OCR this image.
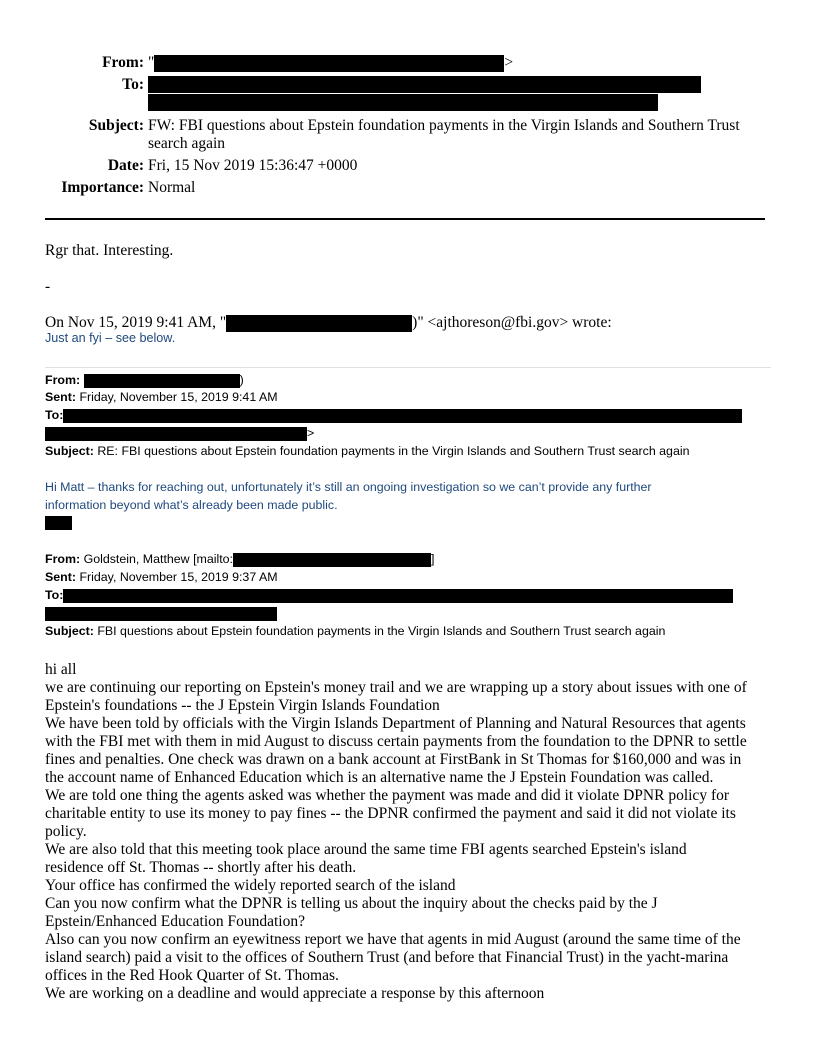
From: "	>
To:
Subject: FW: FBI questions about Epstein foundation payments in the Virgin Islands and Southern Trust
search again
Date: Fri, 15 Nov 2019 15:36:47 +0000
Importance: Normal
Rgr that. Interesting.
-
On Nov 15, 2019 9:41 AM, "	)" <ajthoreson@fbi.gov> wrote:
Just an fyi – see below.
From:	)
Sent: Friday, November 15, 2019 9:41 AM
To:
>
Subject: RE: FBI questions about Epstein foundation payments in the Virgin Islands and Southern Trust search again
Hi Matt – thanks for reaching out, unfortunately it’s still an ongoing investigation so we can’t provide any further
information beyond what’s already been made public.
From: Goldstein, Matthew [mailto:	]
Sent: Friday, November 15, 2019 9:37 AM
To:
Subject: FBI questions about Epstein foundation payments in the Virgin Islands and Southern Trust search again
hi all
we are continuing our reporting on Epstein's money trail and we are wrapping up a story about issues with one of
Epstein's foundations -- the J Epstein Virgin Islands Foundation
We have been told by officials with the Virgin Islands Department of Planning and Natural Resources that agents
with the FBI met with them in mid August to discuss certain payments from the foundation to the DPNR to settle
fines and penalties. One check was drawn on a bank account at FirstBank in St Thomas for $160,000 and was in
the account name of Enhanced Education which is an alternative name the J Epstein Foundation was called.
We are told one thing the agents asked was whether the payment was made and did it violate DPNR policy for
charitable entity to use its money to pay fines -- the DPNR confirmed the payment and said it did not violate its
policy.
We are also told that this meeting took place around the same time FBI agents searched Epstein's island
residence off St. Thomas -- shortly after his death.
Your office has confirmed the widely reported search of the island
Can you now confirm what the DPNR is telling us about the inquiry about the checks paid by the J
Epstein/Enhanced Education Foundation?
Also can you now confirm an eyewitness report we have that agents in mid August (around the same time of the
island search) paid a visit to the offices of Southern Trust (and before that Financial Trust) in the yacht-marina
offices in the Red Hook Quarter of St. Thomas.
We are working on a deadline and would appreciate a response by this afternoon
